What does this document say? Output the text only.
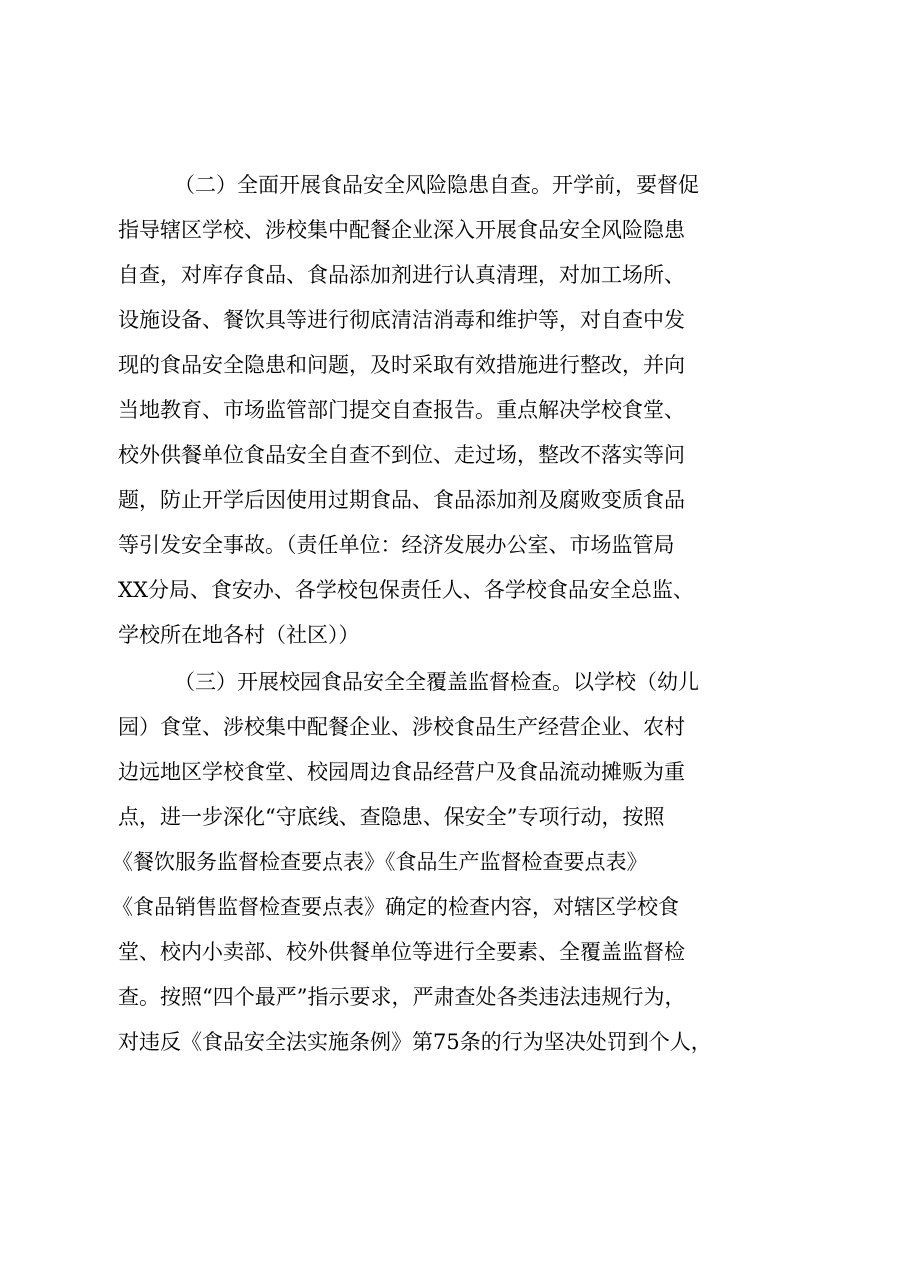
（二）全面开展食品安全风险隐患自查。开学前，要督促
指导辖区学校、涉校集中配餐企业深入开展食品安全风险隐患
自查，对库存食品、食品添加剂进行认真清理，对加工场所、
设施设备、餐饮具等进行彻底清洁消毒和维护等，对自查中发
现的食品安全隐患和问题，及时采取有效措施进行整改，并向
当地教育、市场监管部门提交自查报告。重点解决学校食堂、
校外供餐单位食品安全自查不到位、走过场，整改不落实等问
题，防止开学后因使用过期食品、食品添加剂及腐败变质食品
等引发安全事故。（责任单位：经济发展办公室、市场监管局
XX分局、食安办、各学校包保责任人、各学校食品安全总监、
学校所在地各村（社区））
（三）开展校园食品安全全覆盖监督检查。以学校（幼儿
园）食堂、涉校集中配餐企业、涉校食品生产经营企业、农村
边远地区学校食堂、校园周边食品经营户及食品流动摊贩为重
点，进一步深化“守底线、查隐患、保安全”专项行动，按照
《餐饮服务监督检查要点表》《食品生产监督检查要点表》
《食品销售监督检查要点表》确定的检查内容，对辖区学校食
堂、校内小卖部、校外供餐单位等进行全要素、全覆盖监督检
查。按照“四个最严”指示要求，严肃查处各类违法违规行为，
对违反《食品安全法实施条例》第75条的行为坚决处罚到个人，
